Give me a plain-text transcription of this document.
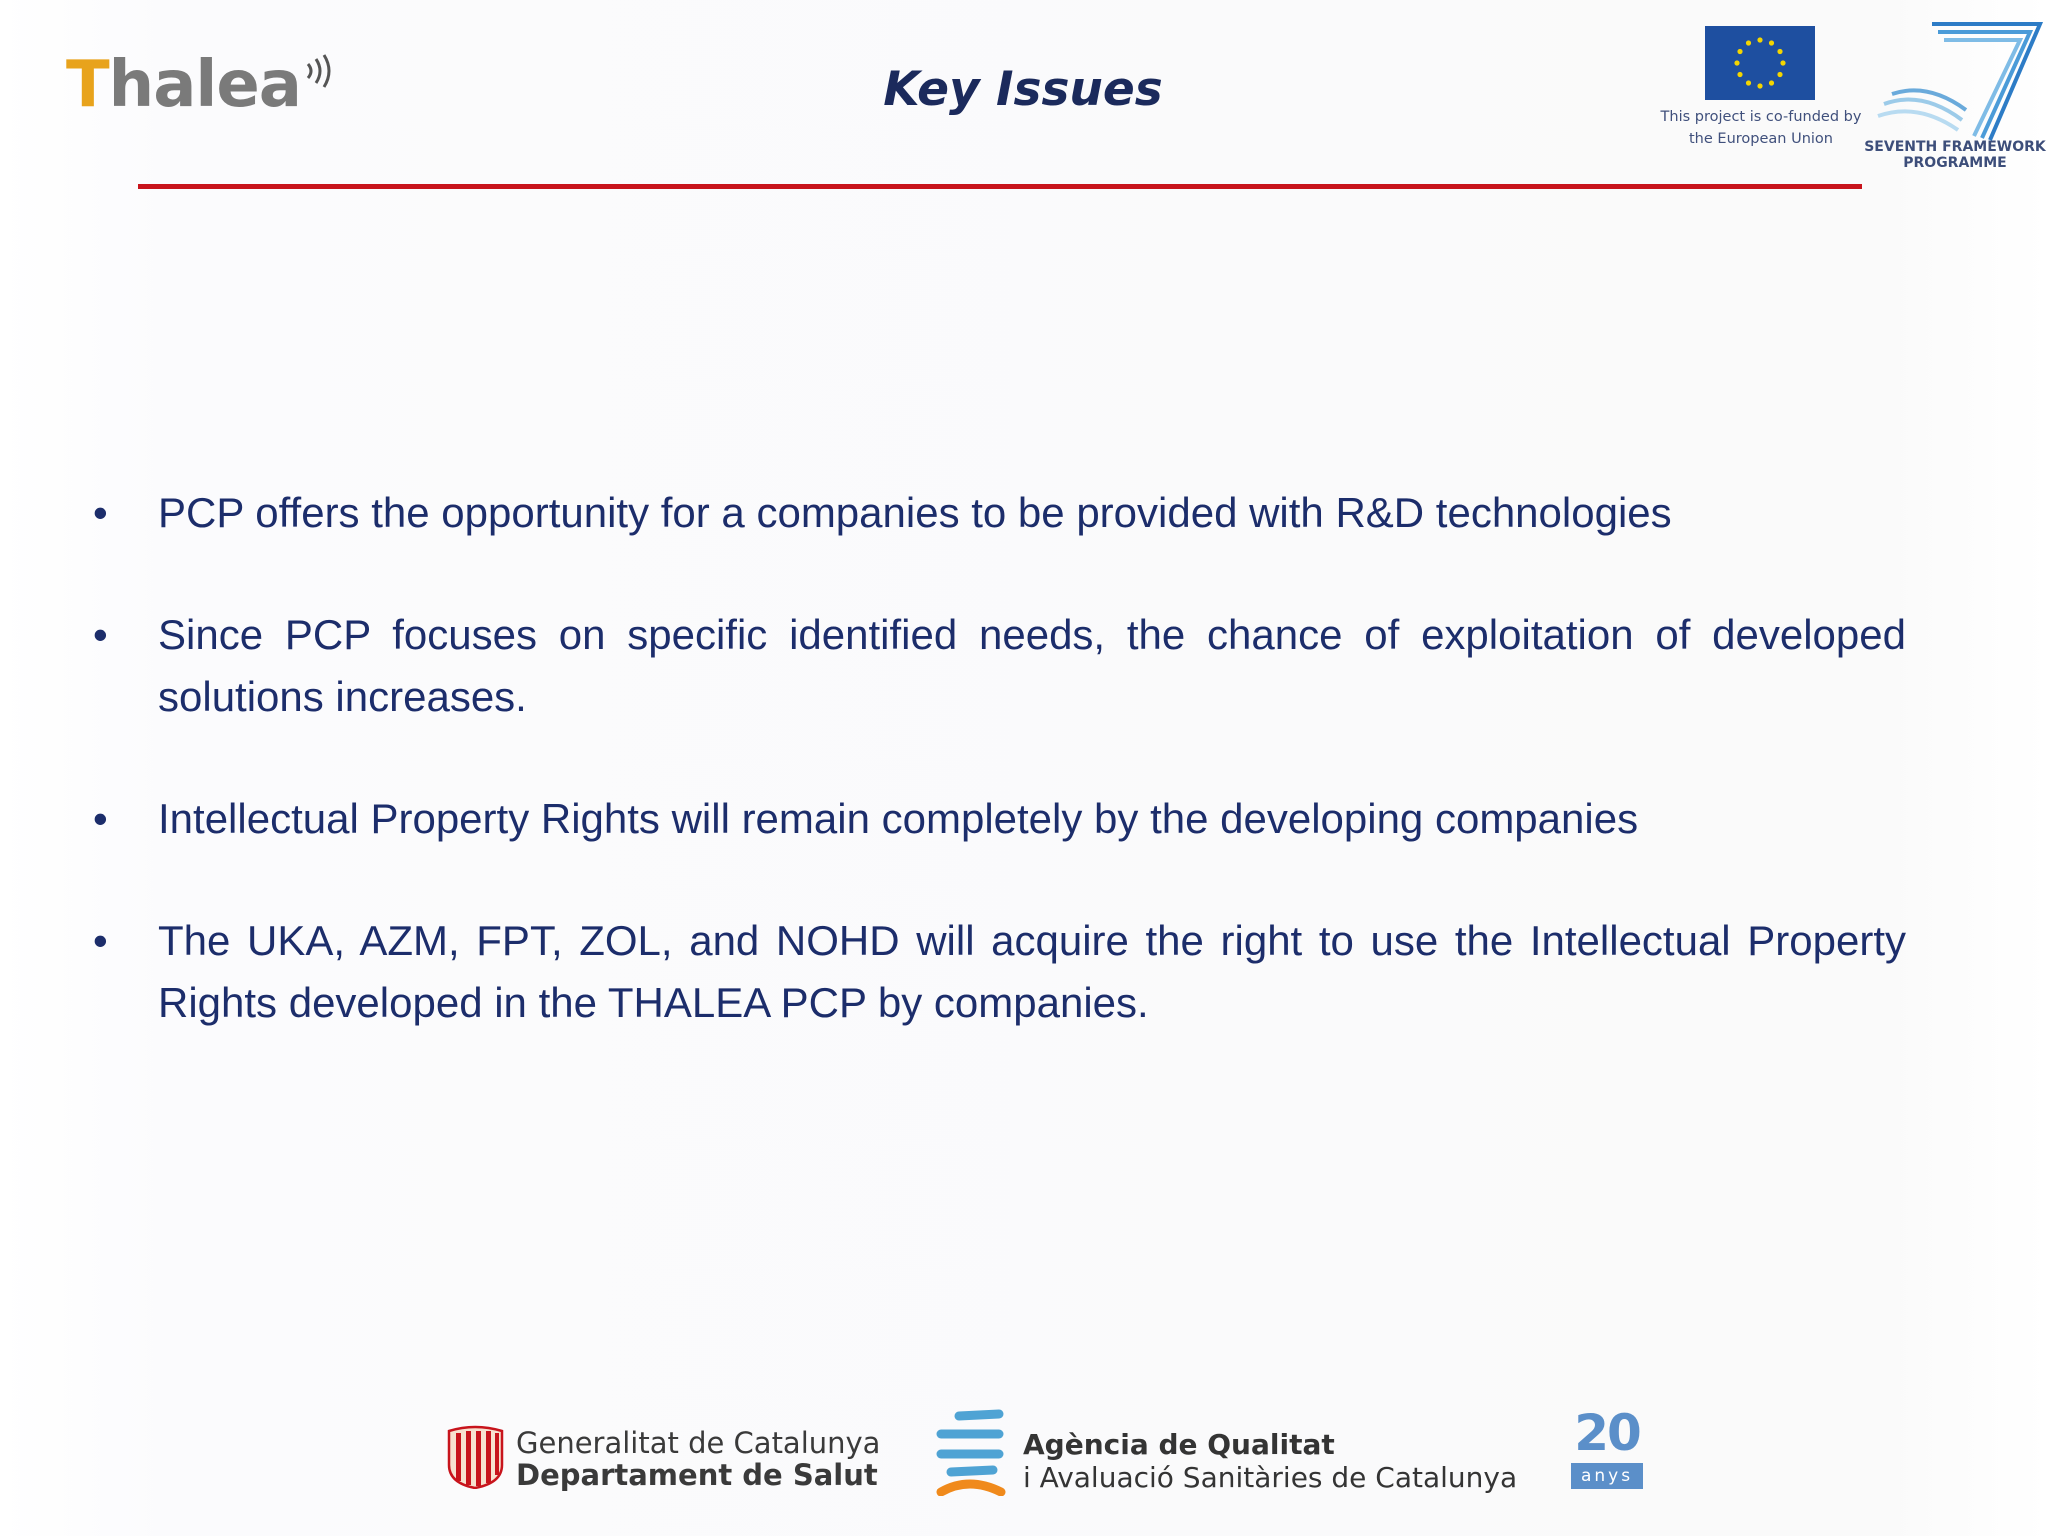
Thalea	Key Issues	This project is co-funded by
the European Union	SEVENTH FRAMEWORK
PROGRAMME
•	PCP offers the opportunity for a companies to be provided with R&D technologies
•	Since PCP focuses on specific identified needs, the chance of exploitation of developed solutions increases.
•	Intellectual Property Rights will remain completely by the developing companies
•	The UKA, AZM, FPT, ZOL, and NOHD will acquire the right to use the Intellectual Property Rights developed in the THALEA PCP by companies.
Generalitat de Catalunya
Departament de Salut
Agència de Qualitat
i Avaluació Sanitàries de Catalunya
20
anys
